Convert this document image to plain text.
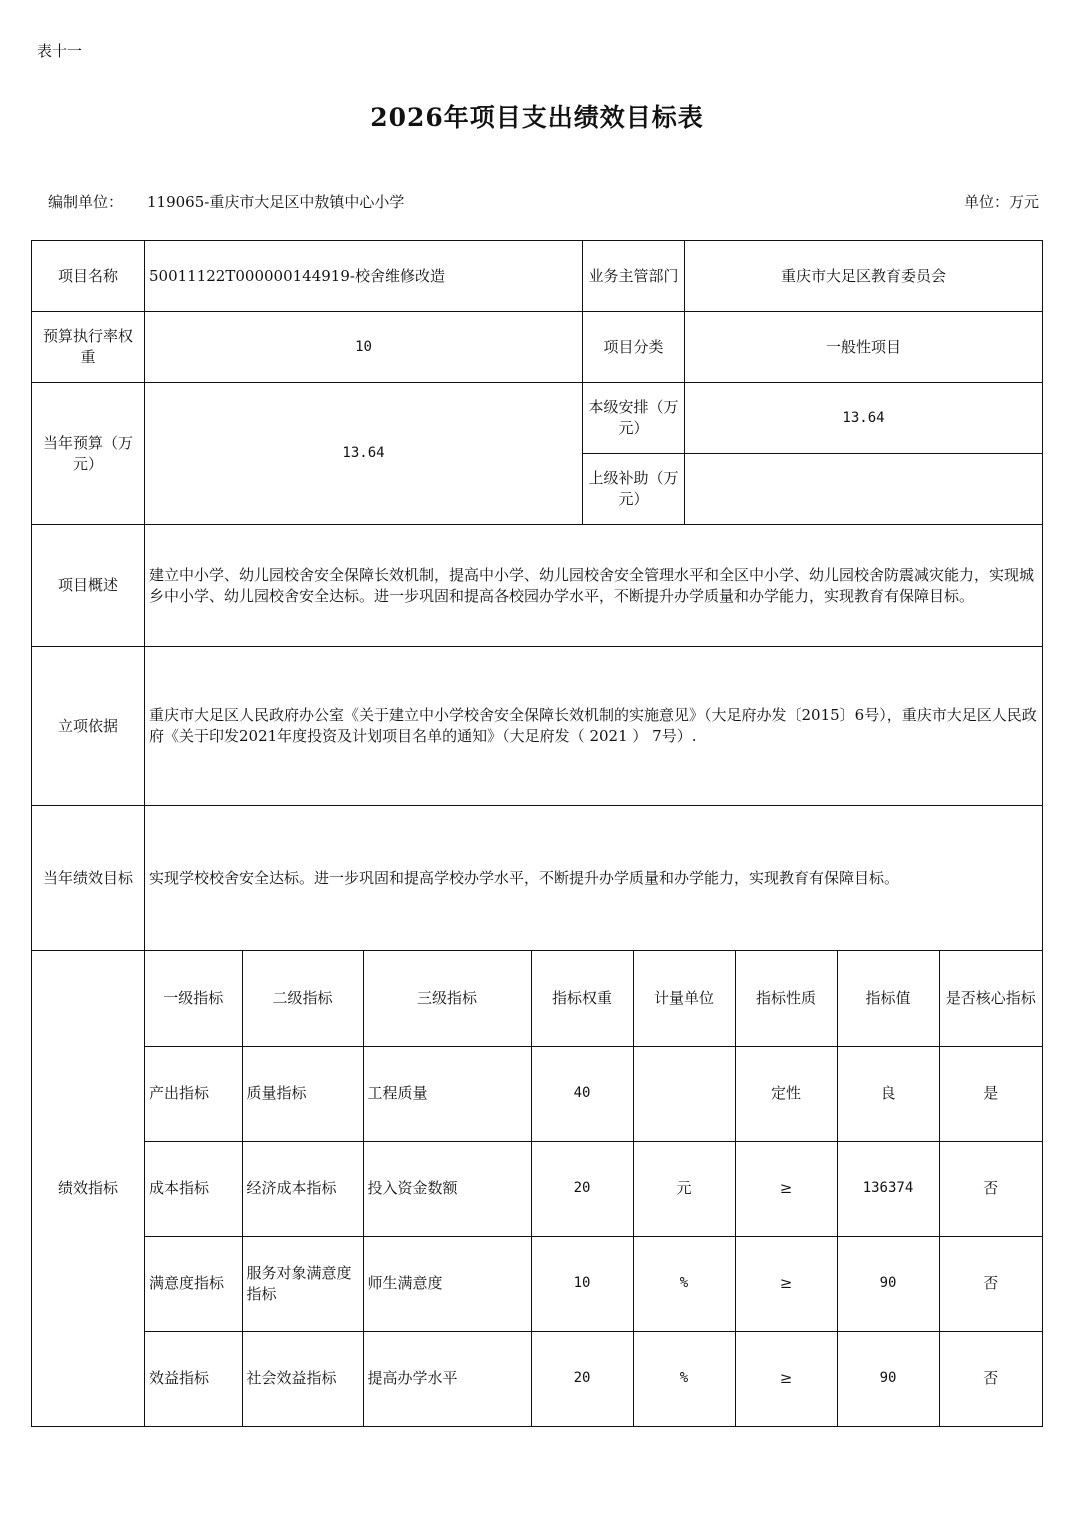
表十一
2026年项目支出绩效目标表
编制单位： 119065-重庆市大足区中敖镇中心小学	单位：万元
项目名称	50011122T000000144919-校舍维修改造	业务主管部门	重庆市大足区教育委员会
预算执行率权重	10	项目分类	一般性项目
当年预算（万元）	13.64	本级安排（万元）	13.64
上级补助（万元）	
项目概述	建立中小学、幼儿园校舍安全保障长效机制，提高中小学、幼儿园校舍安全管理水平和全区中小学、幼儿园校舍防震减灾能力，实现城乡中小学、幼儿园校舍安全达标。进一步巩固和提高各校园办学水平，不断提升办学质量和办学能力，实现教育有保障目标。
立项依据	重庆市大足区人民政府办公室《关于建立中小学校舍安全保障长效机制的实施意见》（大足府办发〔2015〕6号），重庆市大足区人民政府《关于印发2021年度投资及计划项目名单的通知》（大足府发（ 2021 ） 7号）.
当年绩效目标	实现学校校舍安全达标。进一步巩固和提高学校办学水平，不断提升办学质量和办学能力，实现教育有保障目标。
绩效指标	
一级指标	二级指标	三级指标	指标权重	计量单位	指标性质	指标值	是否核心指标
产出指标	质量指标	工程质量	40		定性	良	是
成本指标	经济成本指标	投入资金数额	20	元	≥	136374	否
满意度指标	服务对象满意度指标	师生满意度	10	%	≥	90	否
效益指标	社会效益指标	提高办学水平	20	%	≥	90	否
